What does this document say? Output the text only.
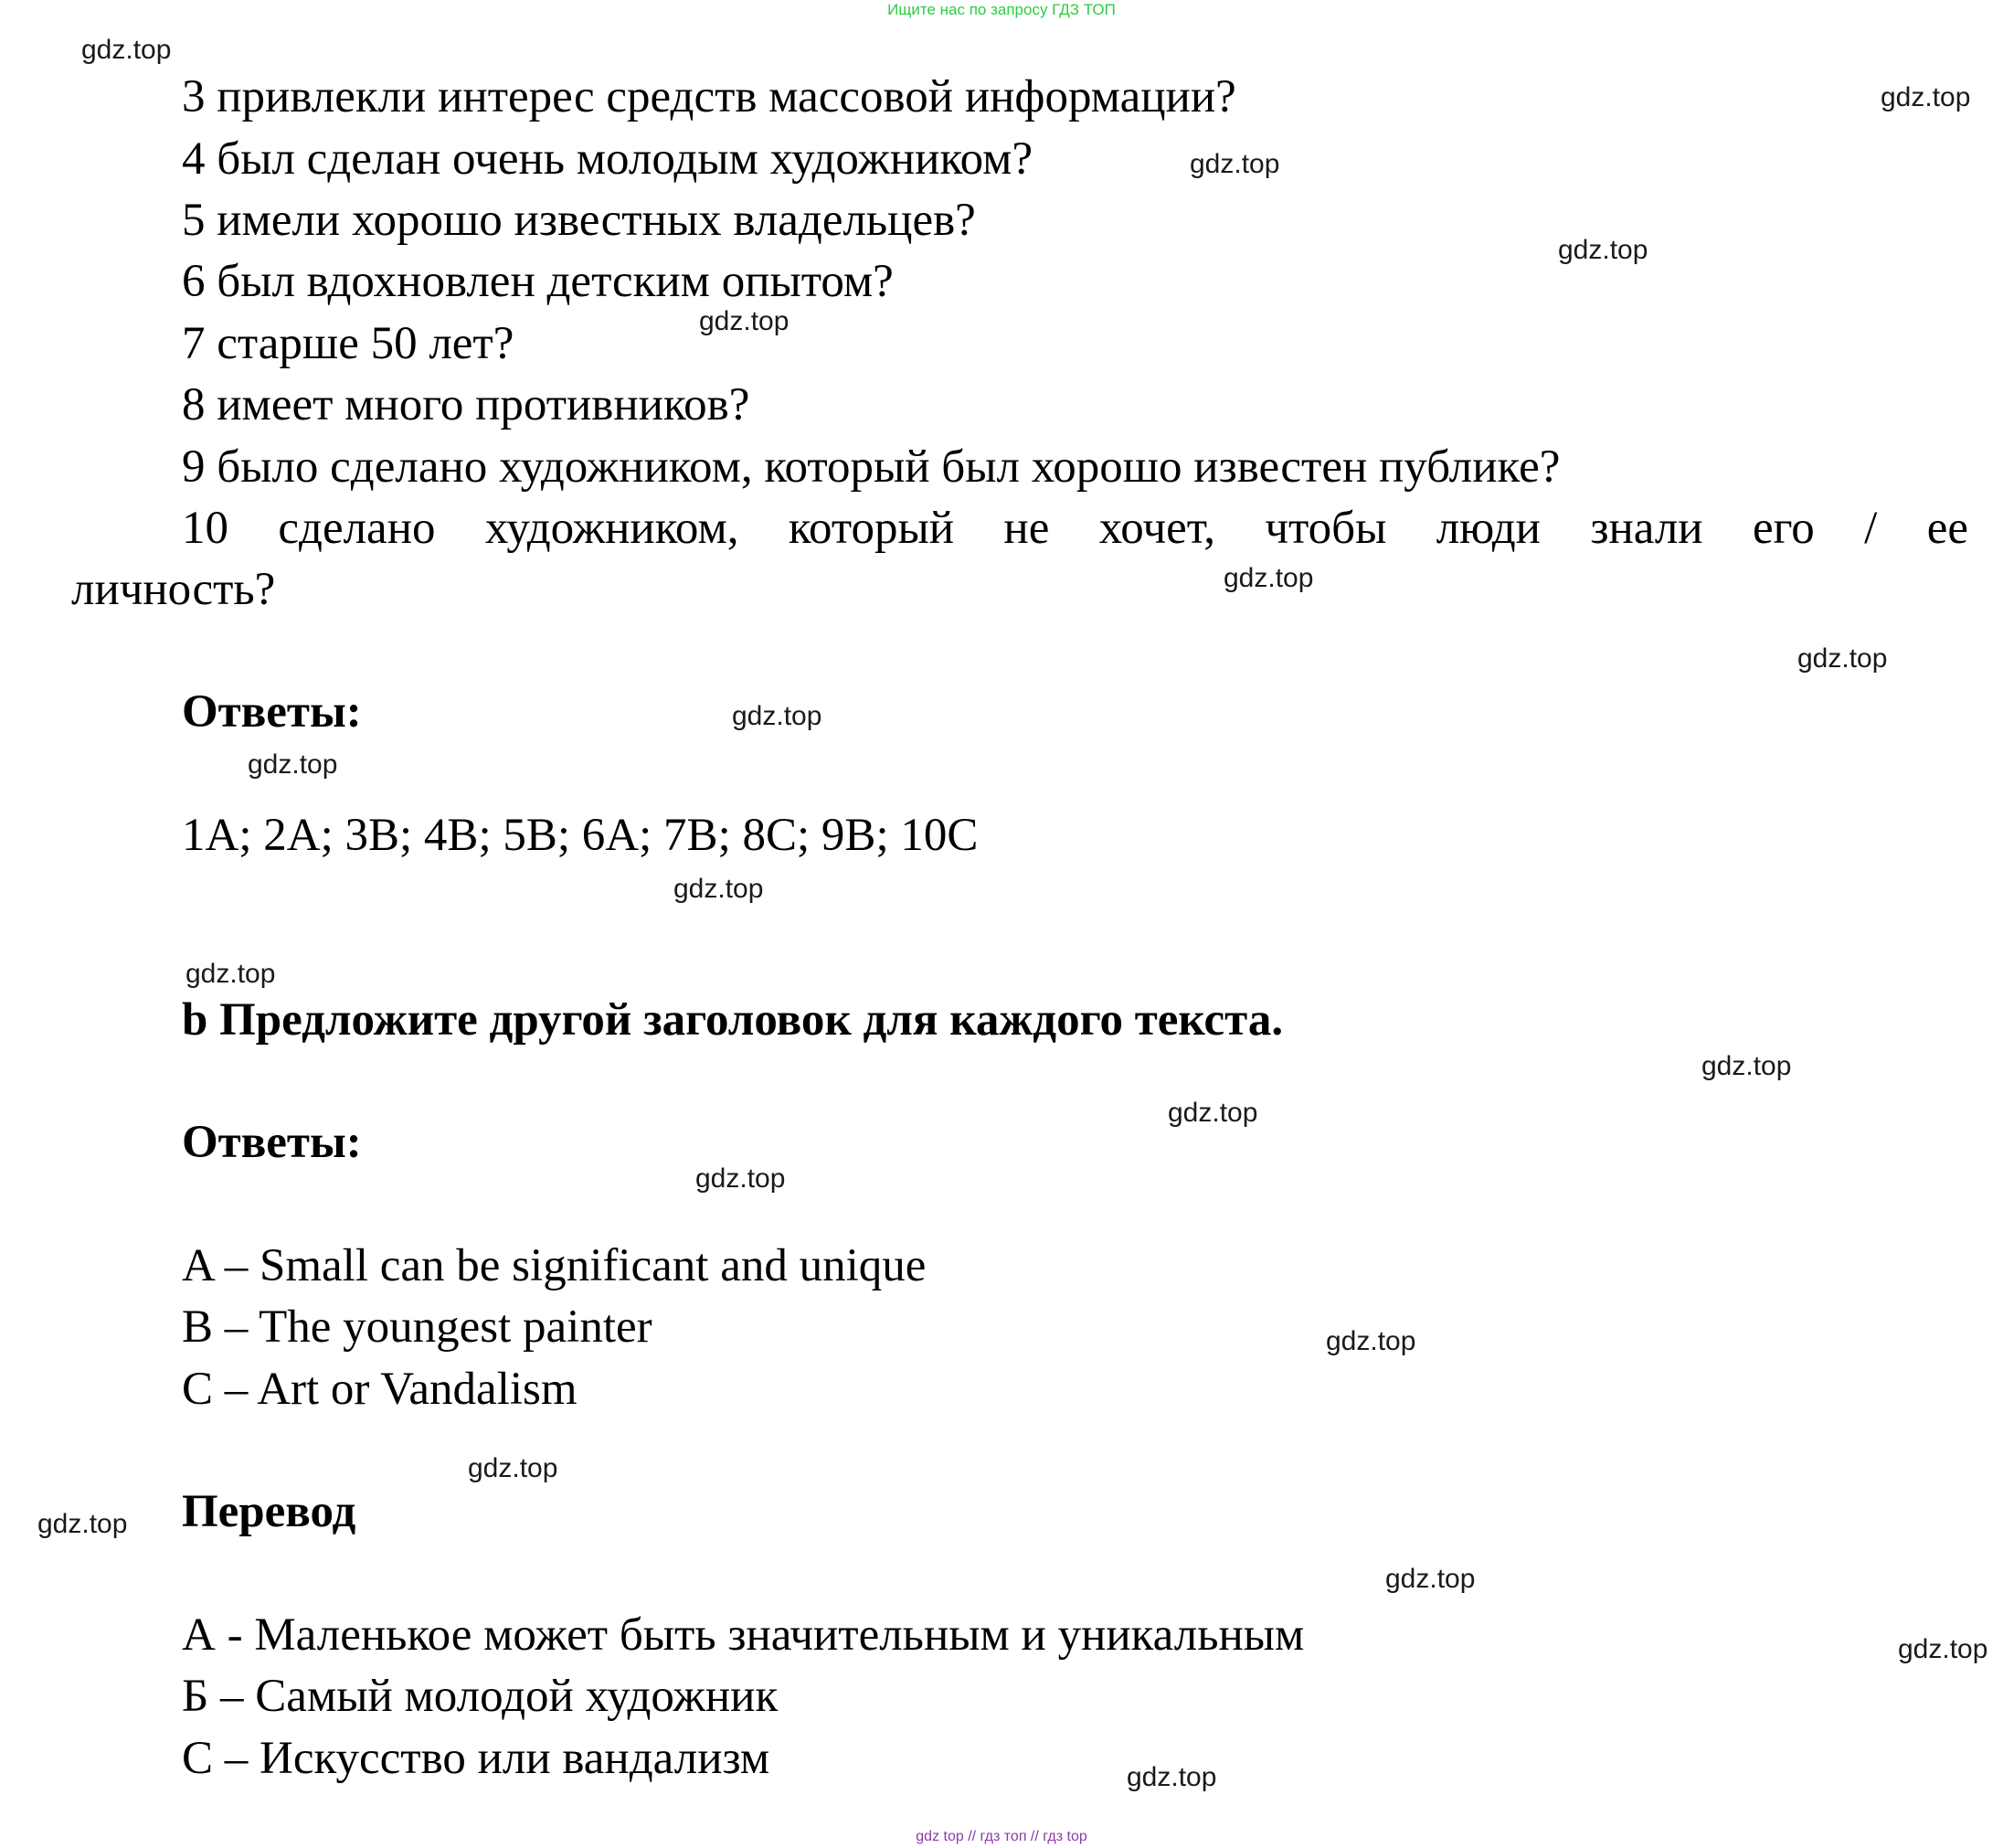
Ищите нас по запросу ГДЗ ТОП
3 привлекли интерес средств массовой информации?
4 был сделан очень молодым художником?
5 имели хорошо известных владельцев?
6 был вдохновлен детским опытом?
7 старше 50 лет?
8 имеет много противников?
9 было сделано художником, который был хорошо известен публике?
10 сделано художником, который не хочет, чтобы люди знали его / ее
личность?
Ответы:
1A; 2A; 3B; 4B; 5B; 6A; 7B; 8C; 9B; 10C
b Предложите другой заголовок для каждого текста.
Ответы:
A – Small can be significant and unique
B – The youngest painter
C – Art or Vandalism
Перевод
А - Маленькое может быть значительным и уникальным
Б – Самый молодой художник
С – Искусство или вандализм
gdz.top
gdz.top
gdz.top
gdz.top
gdz.top
gdz.top
gdz.top
gdz.top
gdz.top
gdz.top
gdz.top
gdz.top
gdz.top
gdz.top
gdz.top
gdz.top
gdz.top
gdz.top
gdz.top
gdz.top
gdz top // гдз топ // гдз top
